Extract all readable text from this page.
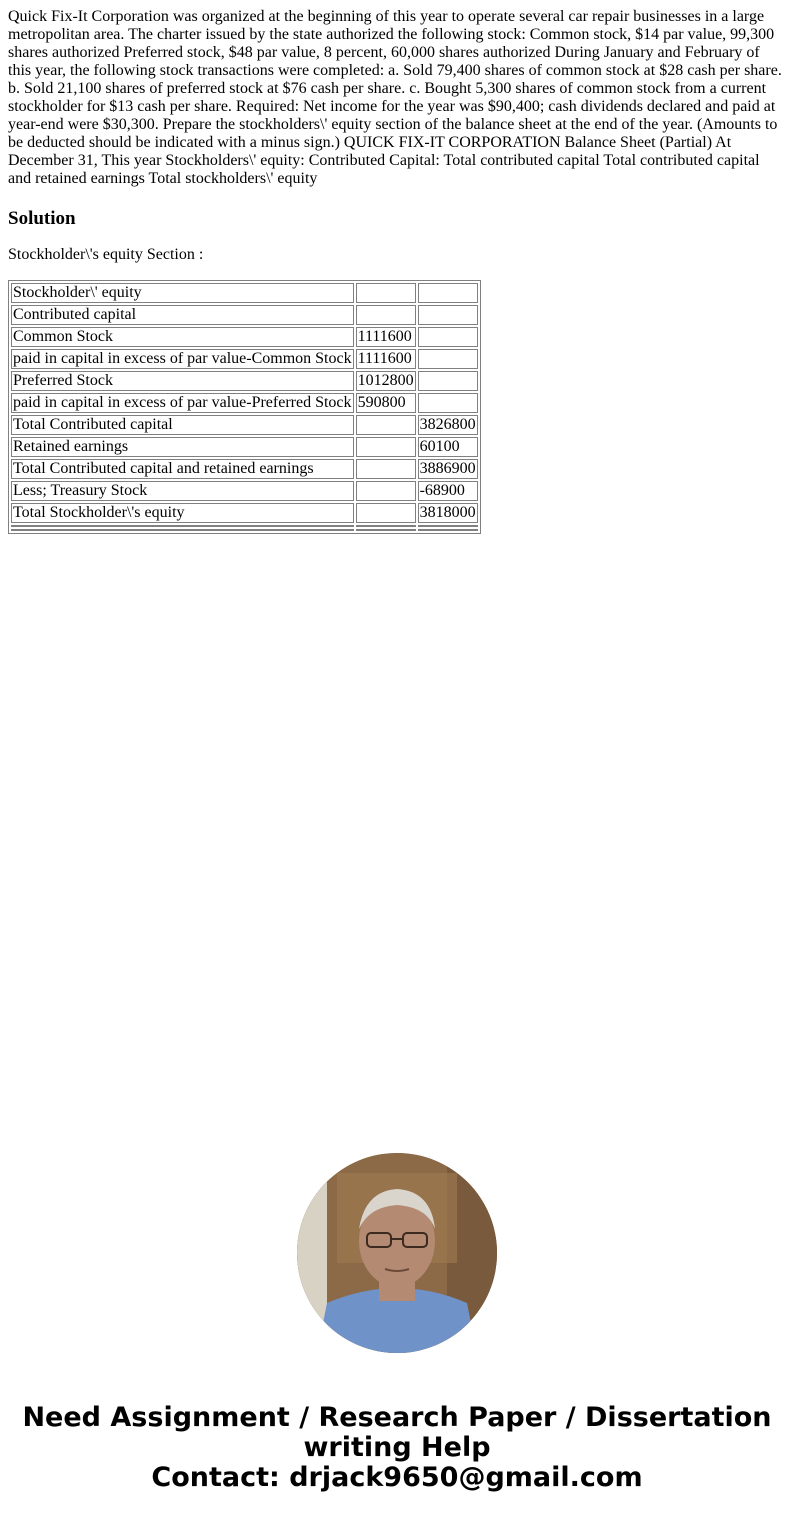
Quick Fix-It Corporation was organized at the beginning of this year to operate several car repair businesses in a large metropolitan area. The charter issued by the state authorized the following stock: Common stock, $14 par value, 99,300 shares authorized Preferred stock, $48 par value, 8 percent, 60,000 shares authorized During January and February of this year, the following stock transactions were completed: a. Sold 79,400 shares of common stock at $28 cash per share. b. Sold 21,100 shares of preferred stock at $76 cash per share. c. Bought 5,300 shares of common stock from a current stockholder for $13 cash per share. Required: Net income for the year was $90,400; cash dividends declared and paid at year-end were $30,300. Prepare the stockholders\' equity section of the balance sheet at the end of the year. (Amounts to be deducted should be indicated with a minus sign.) QUICK FIX-IT CORPORATION Balance Sheet (Partial) At December 31, This year Stockholders\' equity: Contributed Capital: Total contributed capital Total contributed capital and retained earnings Total stockholders\' equity

Solution

Stockholder\'s equity Section :

Stockholder\' equity		
Contributed capital		
Common Stock	1111600	
paid in capital in excess of par value-Common Stock	1111600	
Preferred Stock	1012800	
paid in capital in excess of par value-Preferred Stock	590800	
Total Contributed capital		3826800
Retained earnings		60100
Total Contributed capital and retained earnings		3886900
Less; Treasury Stock		-68900
Total Stockholder\'s equity		3818000

Need Assignment / Research Paper / Dissertation
writing Help
Contact: drjack9650@gmail.com
